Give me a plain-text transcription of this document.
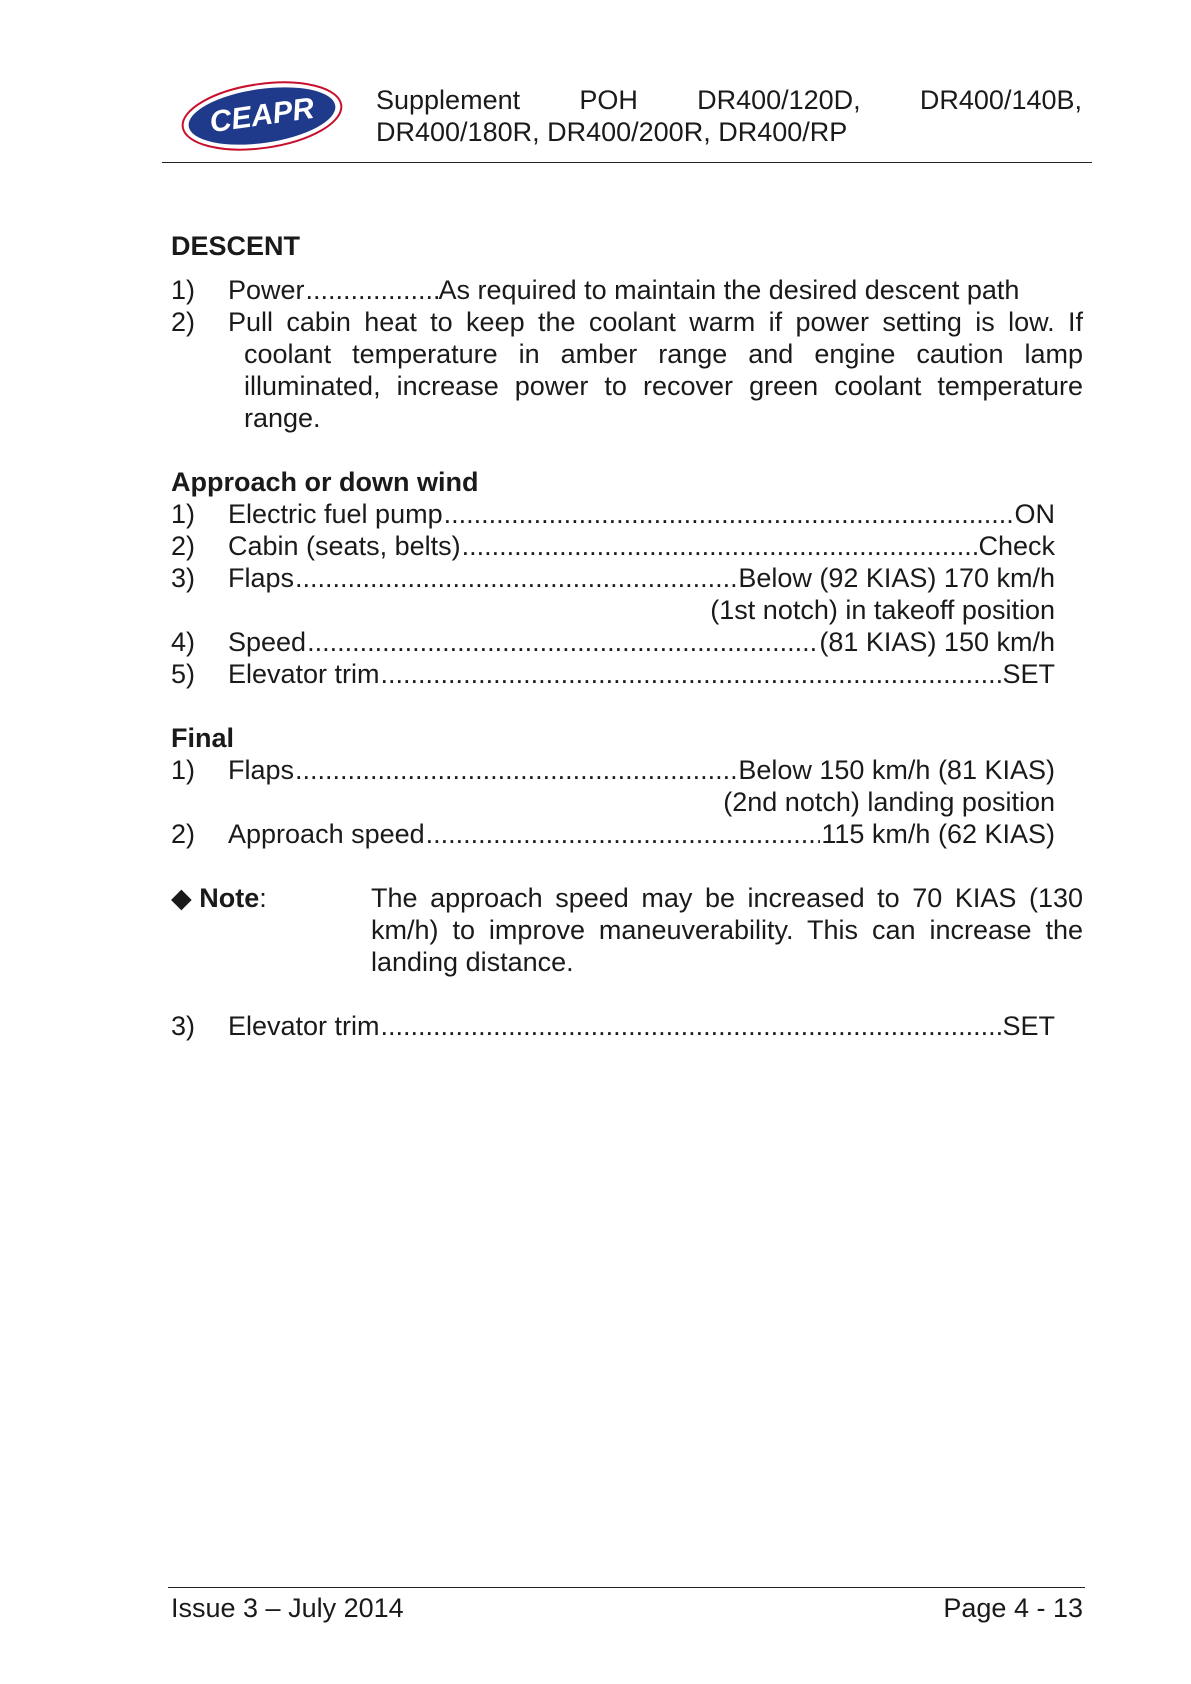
CEAPR Supplement POH DR400/120D, DR400/140B,
DR400/180R, DR400/200R, DR400/RP
DESCENT
1)	Power .....	As required to maintain the desired descent path
2)	Pull cabin heat to keep the coolant warm if power setting is low. If
coolant temperature in amber range and engine caution lamp illuminated, increase power to recover green coolant temperature range.
Approach or down wind
1)	Electric fuel pump .....	ON
2)	Cabin (seats, belts) .....	Check
3)	Flaps .....	Below (92 KIAS) 170 km/h
(1st notch) in takeoff position
4)	Speed .....	(81 KIAS) 150 km/h
5)	Elevator trim .....	SET
Final
1)	Flaps .....	Below 150 km/h (81 KIAS)
(2nd notch) landing position
2)	Approach speed .....	115 km/h (62 KIAS)
◆ Note:	The approach speed may be increased to 70 KIAS (130 km/h) to improve maneuverability. This can increase the landing distance.
3)	Elevator trim .....	SET
Issue 3 – July 2014	Page 4 - 13
